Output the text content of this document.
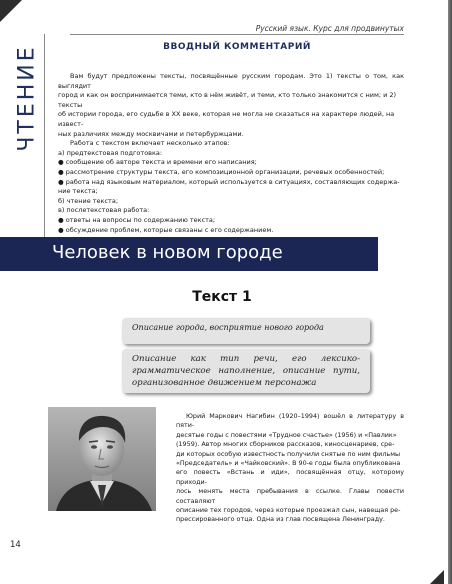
ЧТЕНИЕ
Русский язык. Курс для продвинутых
ВВОДНЫЙ КОММЕНТАРИЙ

Вам будут предложены тексты, посвящённые русским городам. Это 1) тексты о том, как выглядит

город и как он воспринимается теми, кто в нём живёт, и теми, кто только знакомится с ним; и 2) тексты
об истории города, его судьбе в XX веке, которая не могла не сказаться на характере людей, на извест-
ных различиях между москвичами и петербуржцами.

Работа с текстом включает несколько этапов:

а) предтекстовая подготовка:
● сообщение об авторе текста и времени его написания;
● рассмотрение структуры текста, его композиционной организации, речевых особенностей;
● работа над языковым материалом, который используется в ситуациях, составляющих содержа-
ние текста;
б) чтение текста;
в) послетекстовая работа:
● ответы на вопросы по содержанию текста;
● обсуждение проблем, которые связаны с его содержанием.
Человек в новом городе
Текст 1
Описание города, восприятие нового города
Описание как тип речи, его лексико-грамматическое наполнение, описание пути, организованное движением персонажа

Юрий Маркович Нагибин (1920–1994) вошёл в литературу в пяти-

десятые годы с повестями «Трудное счастье» (1956) и «Павлик»
(1959). Автор многих сборников рассказов, киносценариев, сре-
ди которых особую известность получили снятые по ним фильмы
«Председатель» и «Чайковский». В 90-е годы была опубликована
его повесть «Встань и иди», посвящённая отцу, которому приходи-
лось менять места пребывания в ссылке. Главы повести составляют
описание тех городов, через которые проезжал сын, навещая ре-
прессированного отца. Одна из глав посвящена Ленинграду.
14
